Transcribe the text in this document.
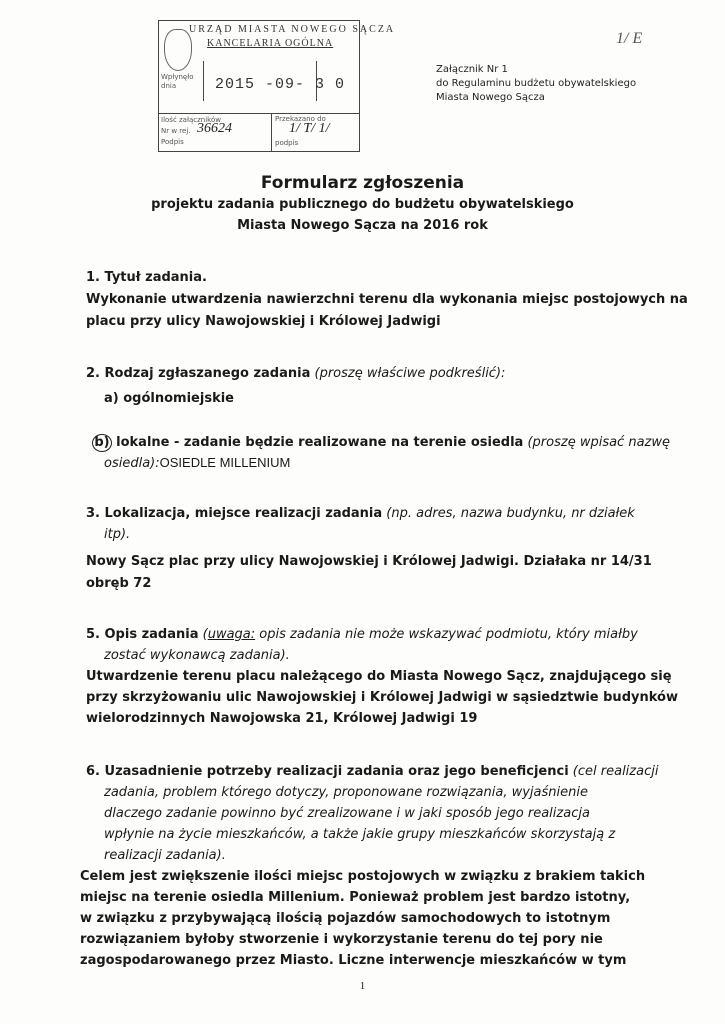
URZĄD MIASTA NOWEGO SĄCZA
KANCELARIA OGÓLNA
Wpłynęło dnia	2015 -09- 3 0
Ilość załączników
Nr w rej.
Podpis
Przekazano do
podpis
36624	1/ T/ 1/
1/ E
Załącznik Nr 1
do Regulaminu budżetu obywatelskiego
Miasta Nowego Sącza
Formularz zgłoszenia
projektu zadania publicznego do budżetu obywatelskiego
Miasta Nowego Sącza na 2016 rok
1. Tytuł zadania.
Wykonanie utwardzenia nawierzchni terenu dla wykonania miejsc postojowych na
placu przy ulicy Nawojowskiej i Królowej Jadwigi
2. Rodzaj zgłaszanego zadania (proszę właściwe podkreślić):
a) ogólnomiejskie
b) lokalne - zadanie będzie realizowane na terenie osiedla (proszę wpisać nazwę
osiedla):OSIEDLE MILLENIUM
3. Lokalizacja, miejsce realizacji zadania (np. adres, nazwa budynku, nr działek
itp).
Nowy Sącz plac przy ulicy Nawojowskiej i Królowej Jadwigi. Działaka nr 14/31
obręb 72
5. Opis zadania (uwaga: opis zadania nie może wskazywać podmiotu, który miałby
zostać wykonawcą zadania).
Utwardzenie terenu placu należącego do Miasta Nowego Sącz, znajdującego się
przy skrzyżowaniu ulic Nawojowskiej i Królowej Jadwigi w sąsiedztwie budynków
wielorodzinnych Nawojowska 21, Królowej Jadwigi 19
6. Uzasadnienie potrzeby realizacji zadania oraz jego beneficjenci (cel realizacji
zadania, problem którego dotyczy, proponowane rozwiązania, wyjaśnienie
dlaczego zadanie powinno być zrealizowane i w jaki sposób jego realizacja
wpłynie na życie mieszkańców, a także jakie grupy mieszkańców skorzystają z
realizacji zadania).
Celem jest zwiększenie ilości miejsc postojowych w związku z brakiem takich
miejsc na terenie osiedla Millenium. Ponieważ problem jest bardzo istotny,
w związku z przybywającą ilością pojazdów samochodowych to istotnym
rozwiązaniem byłoby stworzenie i wykorzystanie terenu do tej pory nie
zagospodarowanego przez Miasto. Liczne interwencje mieszkańców w tym
1
